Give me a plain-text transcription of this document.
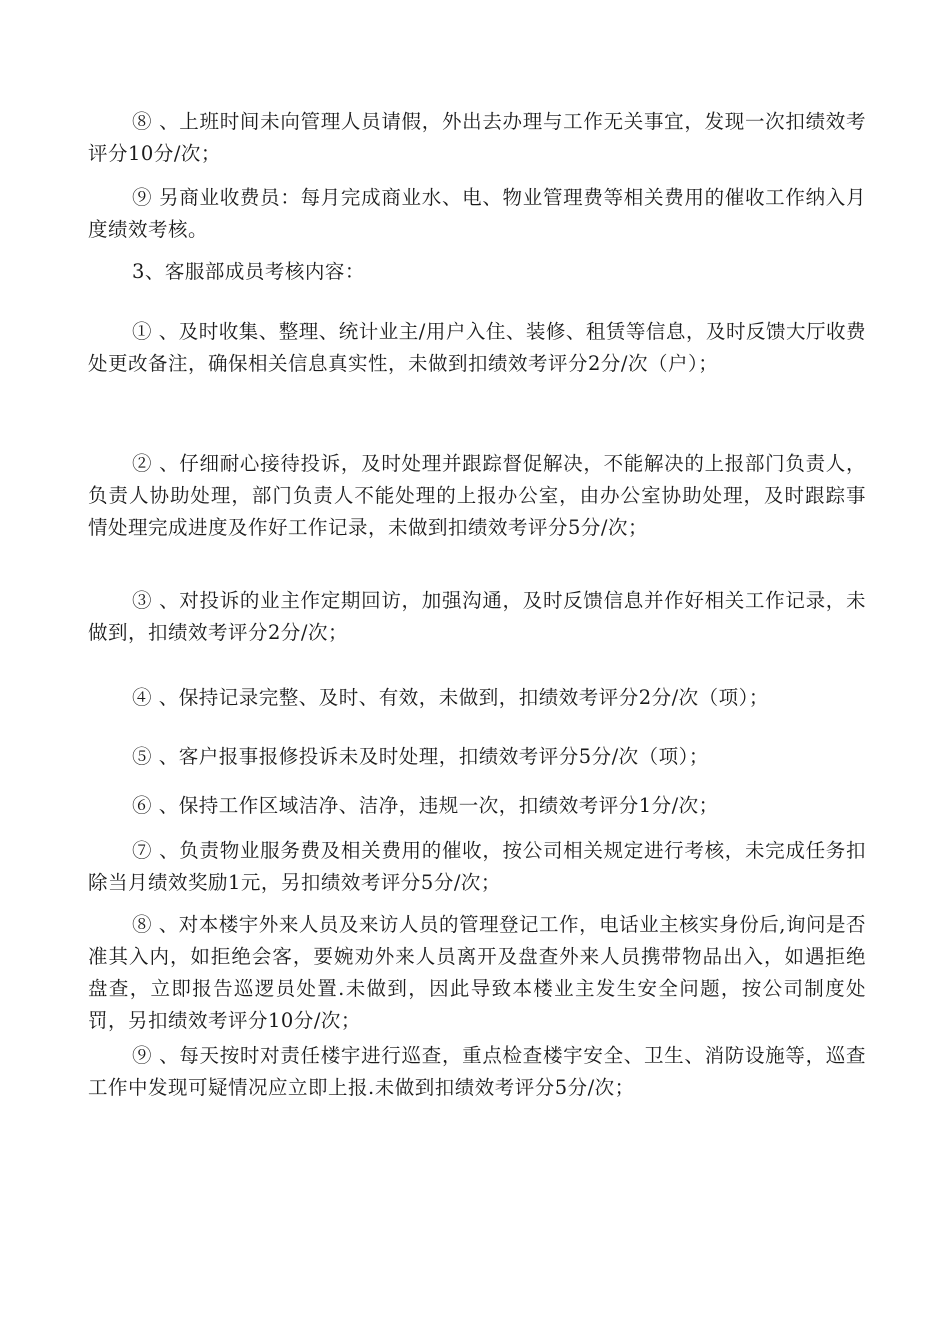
⑧ 、上班时间未向管理人员请假，外出去办理与工作无关事宜，发现一次扣绩效考评分10分/次；

⑨ 另商业收费员：每月完成商业水、电、物业管理费等相关费用的催收工作纳入月度绩效考核。

3、客服部成员考核内容：

① 、及时收集、整理、统计业主/用户入住、装修、租赁等信息，及时反馈大厅收费处更改备注，确保相关信息真实性，未做到扣绩效考评分2分/次（户）；

② 、仔细耐心接待投诉，及时处理并跟踪督促解决，不能解决的上报部门负责人，负责人协助处理，部门负责人不能处理的上报办公室，由办公室协助处理，及时跟踪事情处理完成进度及作好工作记录，未做到扣绩效考评分5分/次；

③ 、对投诉的业主作定期回访，加强沟通，及时反馈信息并作好相关工作记录，未做到，扣绩效考评分2分/次；

④ 、保持记录完整、及时、有效，未做到，扣绩效考评分2分/次（项）；

⑤ 、客户报事报修投诉未及时处理，扣绩效考评分5分/次（项）；

⑥ 、保持工作区域洁净、洁净，违规一次，扣绩效考评分1分/次；

⑦ 、负责物业服务费及相关费用的催收，按公司相关规定进行考核，未完成任务扣除当月绩效奖励1元，另扣绩效考评分5分/次；

⑧ 、对本楼宇外来人员及来访人员的管理登记工作，电话业主核实身份后,询问是否准其入内，如拒绝会客，要婉劝外来人员离开及盘查外来人员携带物品出入，如遇拒绝盘查，立即报告巡逻员处置.未做到，因此导致本楼业主发生安全问题，按公司制度处罚，另扣绩效考评分10分/次；

⑨ 、每天按时对责任楼宇进行巡查，重点检查楼宇安全、卫生、消防设施等，巡查工作中发现可疑情况应立即上报.未做到扣绩效考评分5分/次；
